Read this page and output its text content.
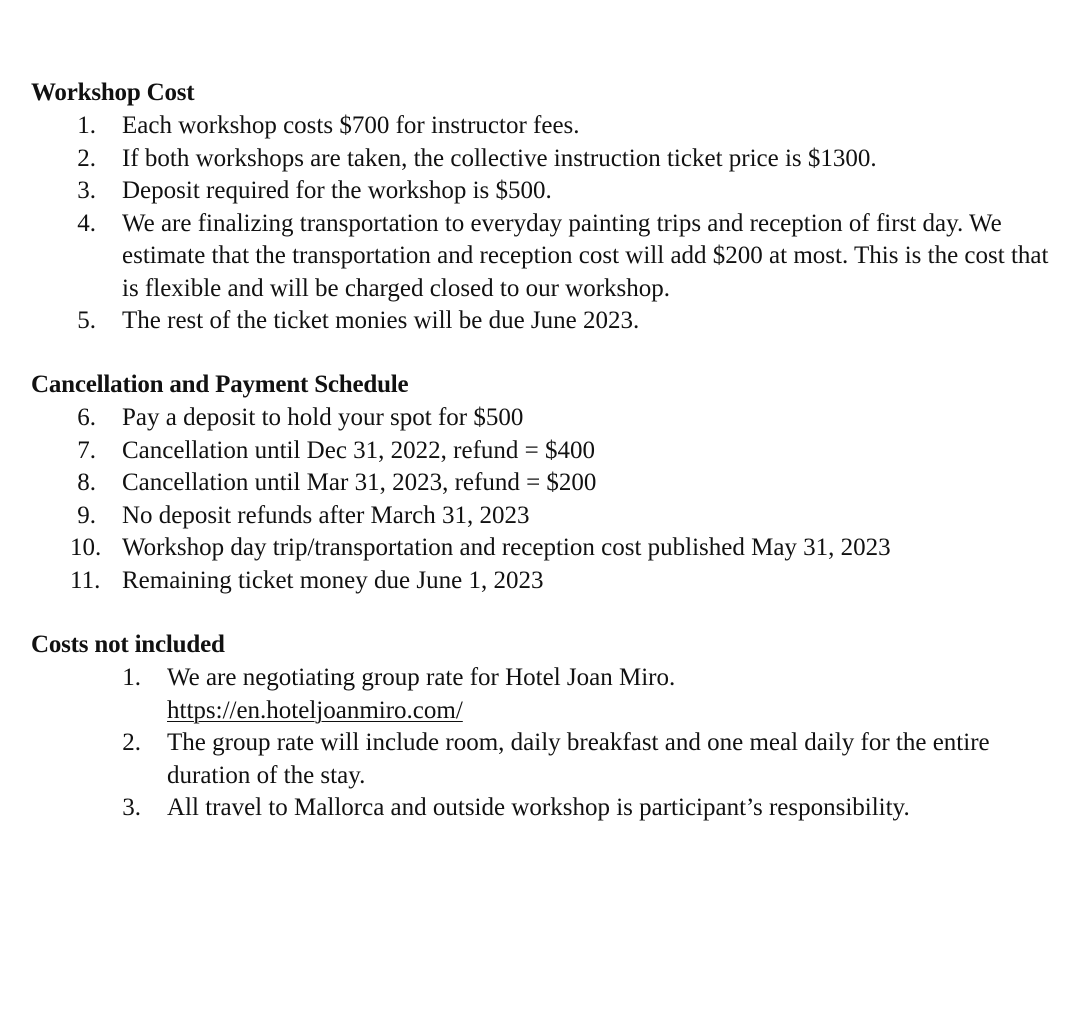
Workshop Cost
1. Each workshop costs $700 for instructor fees.
2. If both workshops are taken, the collective instruction ticket price is $1300.
3. Deposit required for the workshop is $500.
4. We are finalizing transportation to everyday painting trips and reception of first day. We estimate that the transportation and reception cost will add $200 at most. This is the cost that is flexible and will be charged closed to our workshop.
5. The rest of the ticket monies will be due June 2023.
Cancellation and Payment Schedule
6. Pay a deposit to hold your spot for $500
7. Cancellation until Dec 31, 2022, refund = $400
8. Cancellation until Mar 31, 2023, refund = $200
9. No deposit refunds after March 31, 2023
10. Workshop day trip/transportation and reception cost published May 31, 2023
11. Remaining ticket money due June 1, 2023
Costs not included
1. We are negotiating group rate for Hotel Joan Miro.
https://en.hoteljoanmiro.com/
2. The group rate will include room, daily breakfast and one meal daily for the entire duration of the stay.
3. All travel to Mallorca and outside workshop is participant’s responsibility.
